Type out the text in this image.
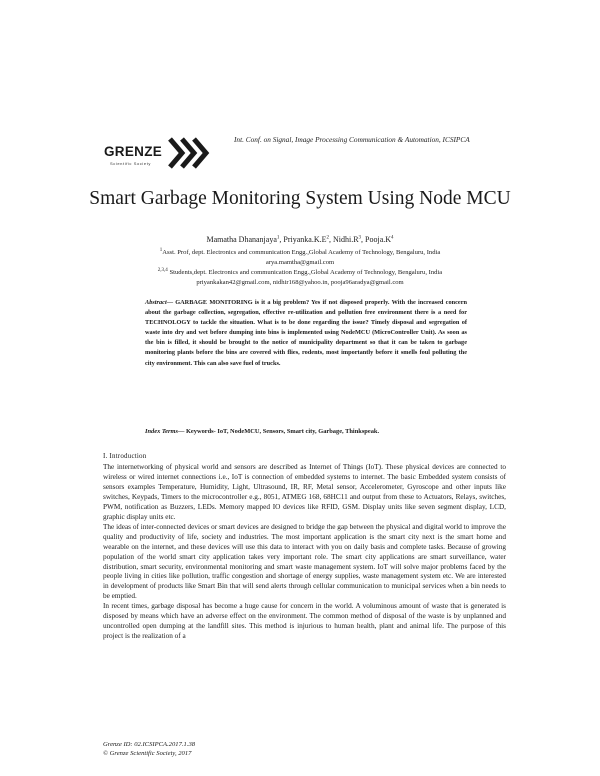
GRENZE
Scientific Society
Int. Conf. on Signal, Image Processing Communication & Automation, ICSIPCA
Smart Garbage Monitoring System Using Node MCU
Mamatha Dhananjaya$^1$, $Priyanka.K.E^2$, $Nidhi.R^3$, $Pooja.K^4$
$^1$Asst. Prof, dept. Electronics and communication Engg.,Global Academy of Technology, Bengaluru, India
arya.mamtha@gmail.com
$^{2,3,4}$ Students,dept. Electronics and communication Engg.,Global Academy of Technology, Bengaluru, India
priyankakan42@gmail.com, nidhir168@yahoo.in, pooja96aradya@gmail.com
Abstract— GARBAGE MONITORING is it a big problem? Yes if not disposed properly. With the increased concern about the garbage collection, segregation, effective re-utilization and pollution free environment there is a need for TECHNOLOGY to tackle the situation. What is to be done regarding the issue? Timely disposal and segregation of waste into dry and wet before dumping into bins is implemented using NodeMCU (MicroController Unit). As soon as the bin is filled, it should be brought to the notice of municipality department so that it can be taken to garbage monitoring plants before the bins are covered with flies, rodents, most importantly before it smells foul polluting the city environment. This can also save fuel of trucks.
Index Terms— Keywords- IoT, NodeMCU, Sensors, Smart city, Garbage, Thinkspeak.
I. Introduction

The internetworking of physical world and sensors are described as Internet of Things (IoT). These physical devices are connected to wireless or wired internet connections i.e., IoT is connection of embedded systems to internet. The basic Embedded system consists of sensors examples Temperature, Humidity, Light, Ultrasound, IR, RF, Metal sensor, Accelerometer, Gyroscope and other inputs like switches, Keypads, Timers to the microcontroller e.g., 8051, ATMEG 168, 68HC11 and output from these to Actuators, Relays, switches, PWM, notification as Buzzers, LEDs. Memory mapped IO devices like RFID, GSM. Display units like seven segment display, LCD, graphic display units etc.

The ideas of inter-connected devices or smart devices are designed to bridge the gap between the physical and digital world to improve the quality and productivity of life, society and industries. The most important application is the smart city next is the smart home and wearable on the internet, and these devices will use this data to interact with you on daily basis and complete tasks. Because of growing population of the world smart city application takes very important role. The smart city applications are smart surveillance, water distribution, smart security, environmental monitoring and smart waste management system. IoT will solve major problems faced by the people living in cities like pollution, traffic congestion and shortage of energy supplies, waste management system etc. We are interested in development of products like Smart Bin that will send alerts through cellular communication to municipal services when a bin needs to be emptied.

In recent times, garbage disposal has become a huge cause for concern in the world. A voluminous amount of waste that is generated is disposed by means which have an adverse effect on the environment. The common method of disposal of the waste is by unplanned and uncontrolled open dumping at the landfill sites. This method is injurious to human health, plant and animal life. The purpose of this project is the realization of a

Grenze ID: 02.ICSIPCA.2017.1.38
© Grenze Scientific Society, 2017
